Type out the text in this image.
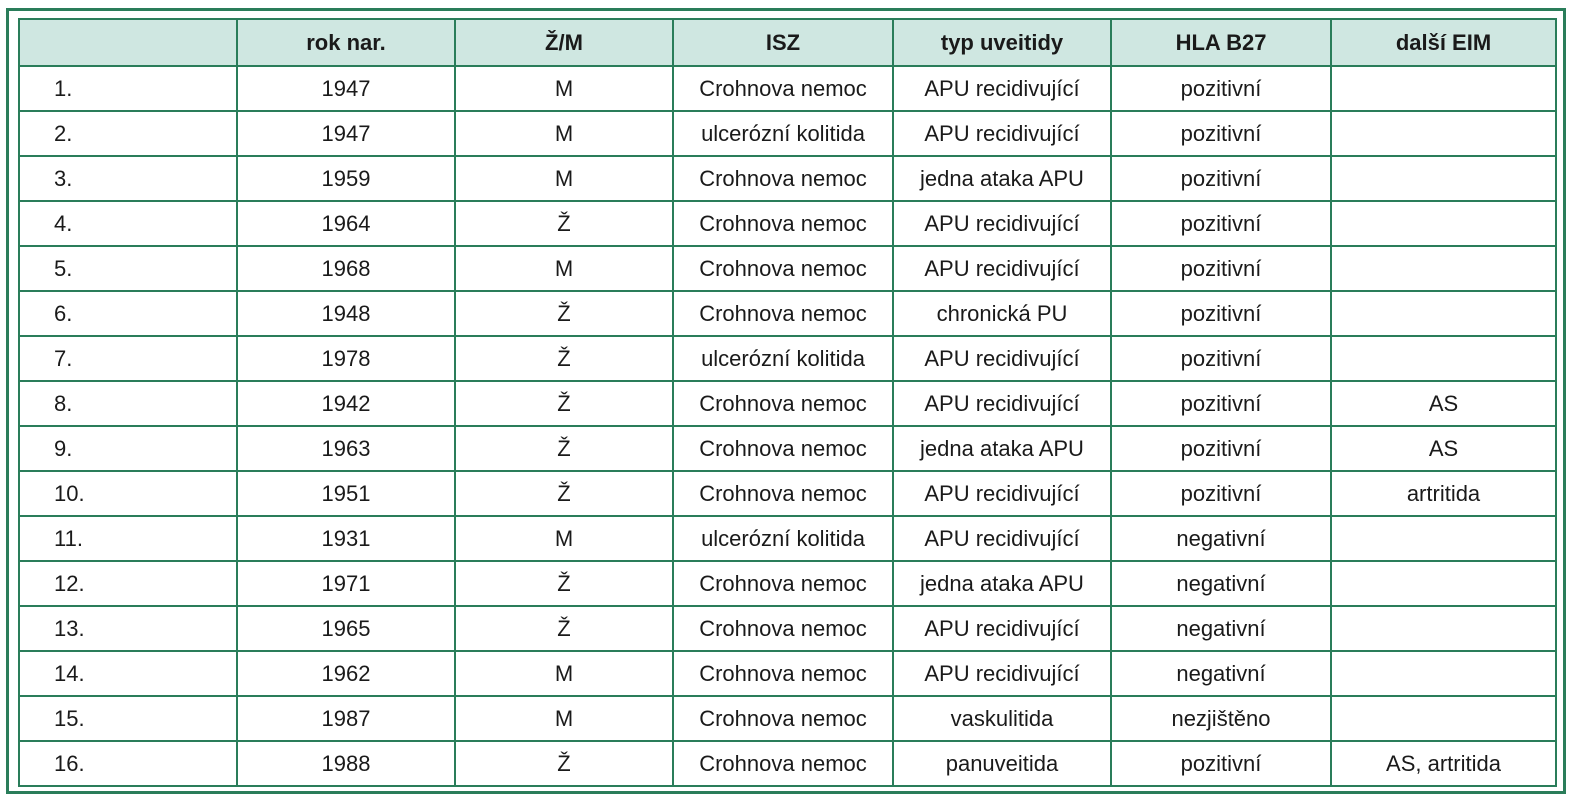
	rok nar.	Ž/M	ISZ	typ uveitidy	HLA B27	další EIM
1.	1947	M	Crohnova nemoc	APU recidivující	pozitivní	
2.	1947	M	ulcerózní kolitida	APU recidivující	pozitivní	
3.	1959	M	Crohnova nemoc	jedna ataka APU	pozitivní	
4.	1964	Ž	Crohnova nemoc	APU recidivující	pozitivní	
5.	1968	M	Crohnova nemoc	APU recidivující	pozitivní	
6.	1948	Ž	Crohnova nemoc	chronická PU	pozitivní	
7.	1978	Ž	ulcerózní kolitida	APU recidivující	pozitivní	
8.	1942	Ž	Crohnova nemoc	APU recidivující	pozitivní	AS
9.	1963	Ž	Crohnova nemoc	jedna ataka APU	pozitivní	AS
10.	1951	Ž	Crohnova nemoc	APU recidivující	pozitivní	artritida
11.	1931	M	ulcerózní kolitida	APU recidivující	negativní	
12.	1971	Ž	Crohnova nemoc	jedna ataka APU	negativní	
13.	1965	Ž	Crohnova nemoc	APU recidivující	negativní	
14.	1962	M	Crohnova nemoc	APU recidivující	negativní	
15.	1987	M	Crohnova nemoc	vaskulitida	nezjištěno	
16.	1988	Ž	Crohnova nemoc	panuveitida	pozitivní	AS, artritida
